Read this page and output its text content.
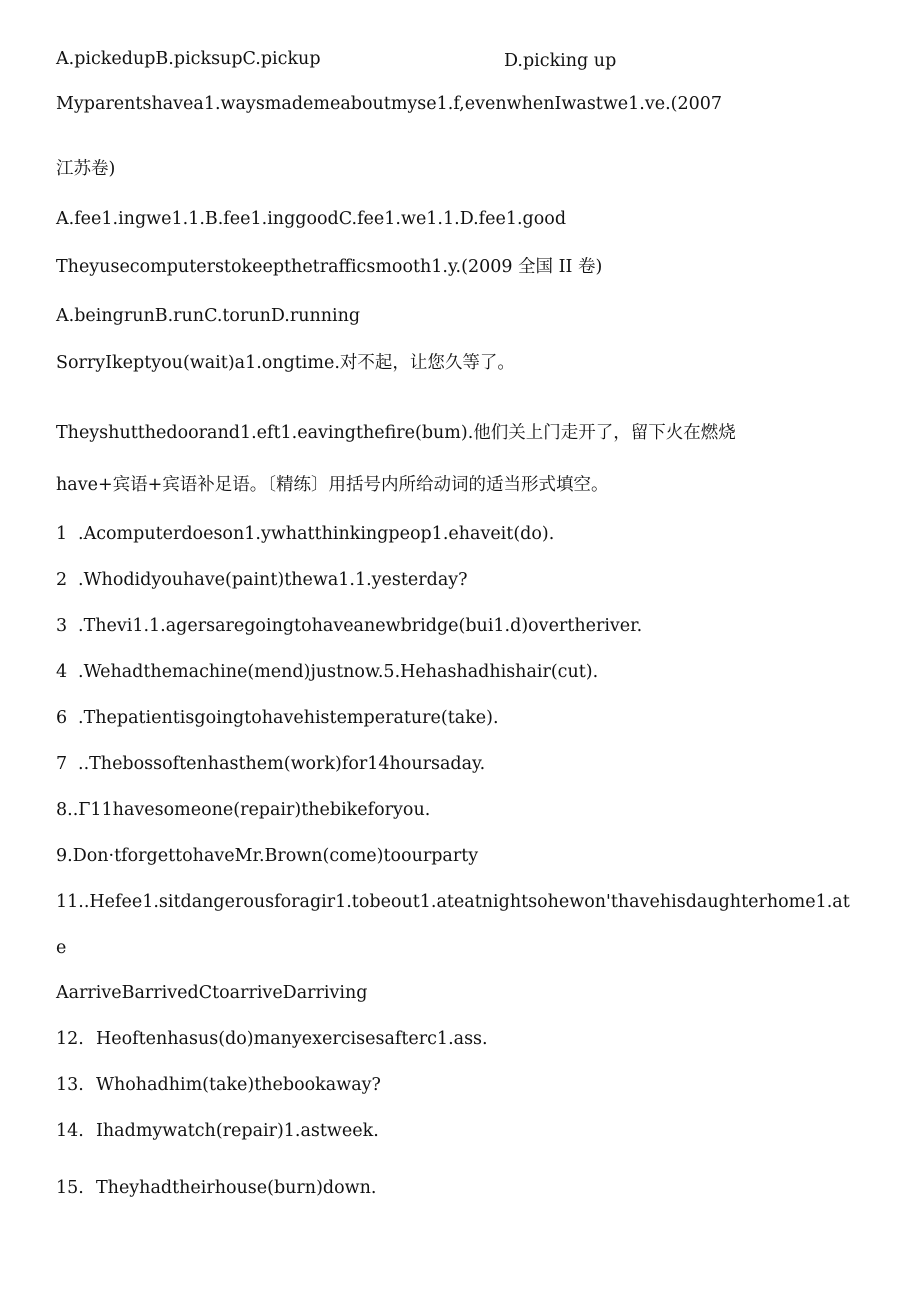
A.pickedupB.picksupC.pickup	D.picking up

Myparentshavea1.waysmademeaboutmyse1.f,evenwhenIwastwe1.ve.(2007

江苏卷)

A.fee1.ingwe1.1.B.fee1.inggoodC.fee1.we1.1.D.fee1.good

Theyusecomputerstokeepthetrafficsmooth1.y.(2009 全国 II 卷)

A.beingrunB.runC.torunD.running

SorryIkeptyou(wait)a1.ongtime.对不起，让您久等了。

Theyshutthedoorand1.eft1.eavingthefire(bum).他们关上门走开了，留下火在燃烧

have+宾语+宾语补足语。〔精练〕用括号内所给动词的适当形式填空。

1 .Acomputerdoeson1.ywhatthinkingpeop1.ehaveit(do).

2 .Whodidyouhave(paint)thewa1.1.yesterday?

3 .Thevi1.1.agersaregoingtohaveanewbridge(bui1.d)overtheriver.

4 .Wehadthemachine(mend)justnow.5.Hehashadhishair(cut).

6 .Thepatientisgoingtohavehistemperature(take).

7 ..Thebossoftenhasthem(work)for14hoursaday.

8..Γ11havesomeone(repair)thebikeforyou.

9.Don·tforgettohaveMr.Brown(come)toourparty

11..Hefee1.sitdangerousforagir1.tobeout1.ateatnightsohewon'thavehisdaughterhome1.at

e

AarriveBarrivedCtoarriveDarriving

12. Heoftenhasus(do)manyexercisesafterc1.ass.

13. Whohadhim(take)thebookaway?

14. Ihadmywatch(repair)1.astweek.

15. Theyhadtheirhouse(burn)down.
